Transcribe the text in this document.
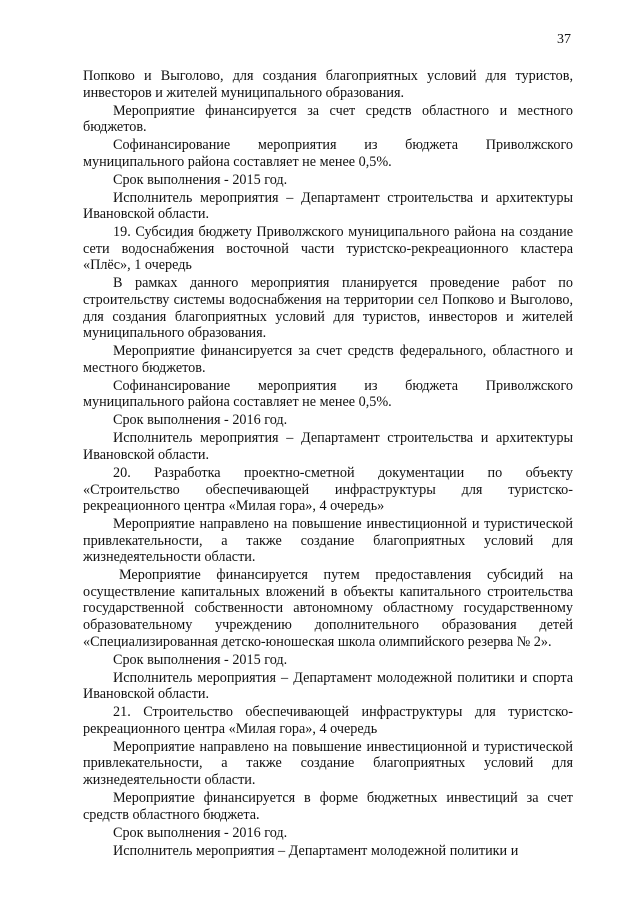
37

Попково и Выголово, для создания благоприятных условий для туристов, инвесторов и жителей муниципального образования.

Мероприятие финансируется за счет средств областного и местного бюджетов.

Софинансирование мероприятия из бюджета Приволжского муниципального района составляет не менее 0,5%.

Срок выполнения - 2015 год.

Исполнитель мероприятия – Департамент строительства и архитектуры Ивановской области.

19. Субсидия бюджету Приволжского муниципального района на создание сети водоснабжения восточной части туристско-рекреационного кластера «Плёс», 1 очередь

В рамках данного мероприятия планируется проведение работ по строительству системы водоснабжения на территории сел Попково и Выголово, для создания благоприятных условий для туристов, инвесторов и жителей муниципального образования.

Мероприятие финансируется за счет средств федерального, областного и местного бюджетов.

Софинансирование мероприятия из бюджета Приволжского муниципального района составляет не менее 0,5%.

Срок выполнения - 2016 год.

Исполнитель мероприятия – Департамент строительства и архитектуры Ивановской области.

20. Разработка проектно-сметной документации по объекту «Строительство обеспечивающей инфраструктуры для туристско-рекреационного центра «Милая гора», 4 очередь»

Мероприятие направлено на повышение инвестиционной и туристической привлекательности, а также создание благоприятных условий для жизнедеятельности области.

Мероприятие финансируется путем предоставления субсидий на осуществление капитальных вложений в объекты капитального строительства государственной собственности автономному областному государственному образовательному учреждению дополнительного образования детей «Специализированная детско-юношеская школа олимпийского резерва № 2».

Срок выполнения - 2015 год.

Исполнитель мероприятия – Департамент молодежной политики и спорта Ивановской области.

21. Строительство обеспечивающей инфраструктуры для туристско-рекреационного центра «Милая гора», 4 очередь

Мероприятие направлено на повышение инвестиционной и туристической привлекательности, а также создание благоприятных условий для жизнедеятельности области.

Мероприятие финансируется в форме бюджетных инвестиций за счет средств областного бюджета.

Срок выполнения - 2016 год.

Исполнитель мероприятия – Департамент молодежной политики и
